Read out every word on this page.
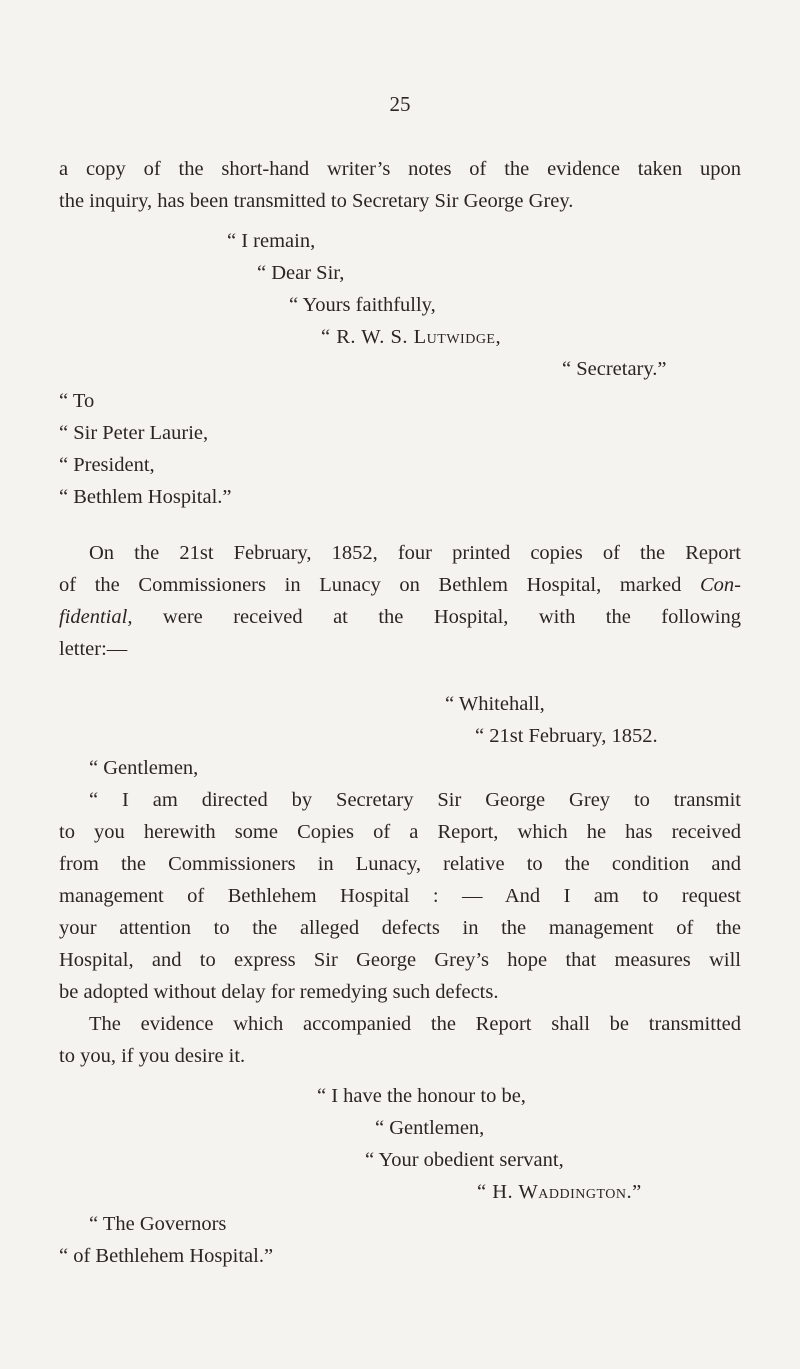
25
a copy of the short-hand writer’s notes of the evidence taken upon
the inquiry, has been transmitted to Secretary Sir George Grey.
“ I remain,
“ Dear Sir,
“ Yours faithfully,
“ R. W. S. Lutwidge,
“ Secretary.”
“ To
“ Sir Peter Laurie,
“ President,
“ Bethlem Hospital.”
On the 21st February, 1852, four printed copies of the Report
of the Commissioners in Lunacy on Bethlem Hospital, marked Con-
fidential, were received at the Hospital, with the following
letter:—
“ Whitehall,
“ 21st February, 1852.
“ Gentlemen,
“ I am directed by Secretary Sir George Grey to transmit
to you herewith some Copies of a Report, which he has received
from the Commissioners in Lunacy, relative to the condition and
management of Bethlehem Hospital : — And I am to request
your attention to the alleged defects in the management of the
Hospital, and to express Sir George Grey’s hope that measures will
be adopted without delay for remedying such defects.
The evidence which accompanied the Report shall be transmitted
to you, if you desire it.
“ I have the honour to be,
“ Gentlemen,
“ Your obedient servant,
“ H. Waddington.”
“ The Governors
“ of Bethlehem Hospital.”
